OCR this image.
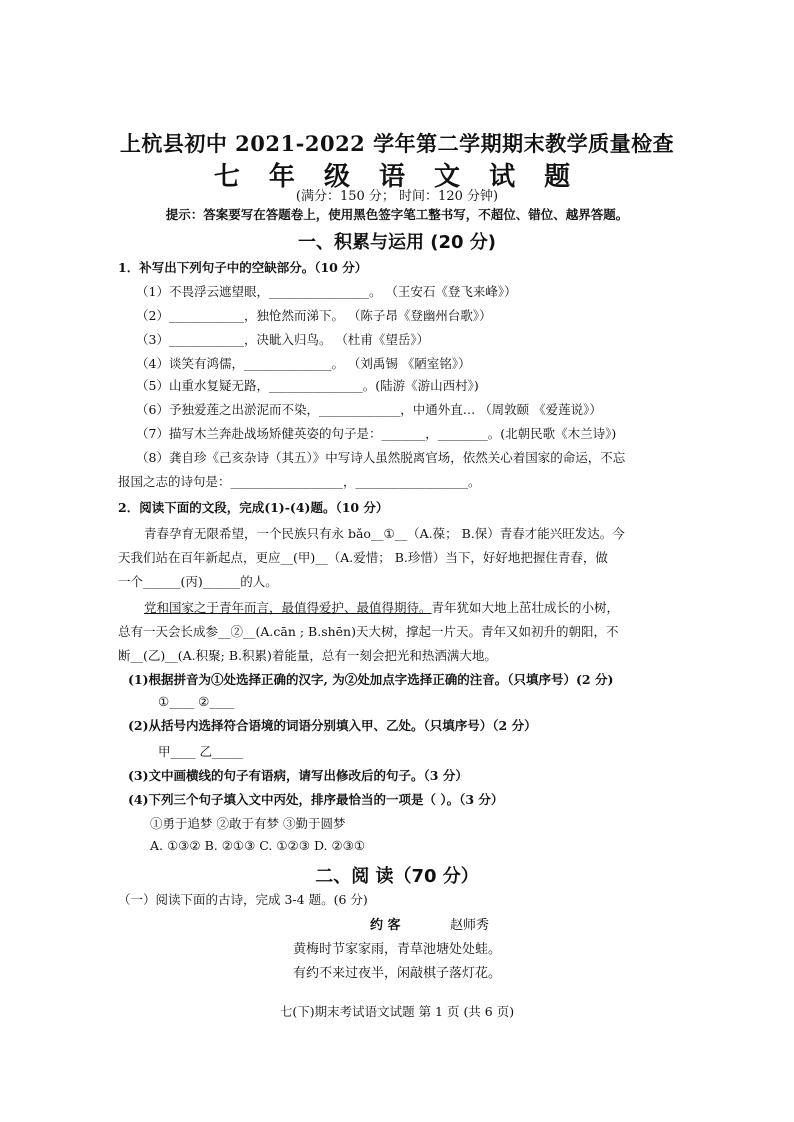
上杭县初中 2021-2022 学年第二学期期末教学质量检查
七 年 级 语 文 试 题
(满分：150 分； 时间：120 分钟)
提示：答案要写在答题卷上，使用黑色签字笔工整书写，不超位、错位、越界答题。
一、积累与运用 (20 分)
1．补写出下列句子中的空缺部分。（10 分）
（1）不畏浮云遮望眼，________________。 （王安石《登飞来峰》）
（2）____________，独怆然而涕下。 （陈子昂《登幽州台歌》）
（3）____________，决眦入归鸟。 （杜甫《望岳》）
（4）谈笑有鸿儒，______________。 （刘禹锡 《陋室铭》）
（5）山重水复疑无路，_______________。(陆游《游山西村》)
（6）予独爱莲之出淤泥而不染，_____________，中通外直… （周敦颐 《爱莲说》）
（7）描写木兰奔赴战场矫健英姿的句子是：_______，________。(北朝民歌《木兰诗》)
（8）龚自珍《己亥杂诗（其五）》中写诗人虽然脱离官场，依然关心着国家的命运，不忘
报国之志的诗句是：__________________，__________________。
2．阅读下面的文段，完成(1)-(4)题。（10 分）
青春孕育无限希望，一个民族只有永 bǎo__①__（A.葆； B.保）青春才能兴旺发达。今
天我们站在百年新起点，更应__(甲)__（A.爱惜； B.珍惜）当下，好好地把握住青春，做
一个______(丙)______的人。
党和国家之于青年而言，最值得爱护、最值得期待。青年犹如大地上茁壮成长的小树，
总有一天会长成参__②__(A.cān ; B.shēn)天大树，撑起一片天。青年又如初升的朝阳，不
断__(乙)__(A.积聚; B.积累)着能量，总有一刻会把光和热洒满大地。
(1)根据拼音为①处选择正确的汉字, 为②处加点字选择正确的注音。（只填序号）(2 分)
①____ ②____
(2)从括号内选择符合语境的词语分别填入甲、乙处。（只填序号）（2 分）
甲____ 乙_____
(3)文中画横线的句子有语病，请写出修改后的句子。（3 分）
(4)下列三个句子填入文中丙处，排序最恰当的一项是（ ）。（3 分）
①勇于追梦 ②敢于有梦 ③勤于圆梦
A. ①③② B. ②①③ C. ①②③ D. ②③①
二、阅 读（70 分）
（一）阅读下面的古诗，完成 3-4 题。(6 分)
约 客	赵师秀
黄梅时节家家雨，青草池塘处处蛙。
有约不来过夜半，闲敲棋子落灯花。
七(下)期末考试语文试题 第 1 页 (共 6 页)
